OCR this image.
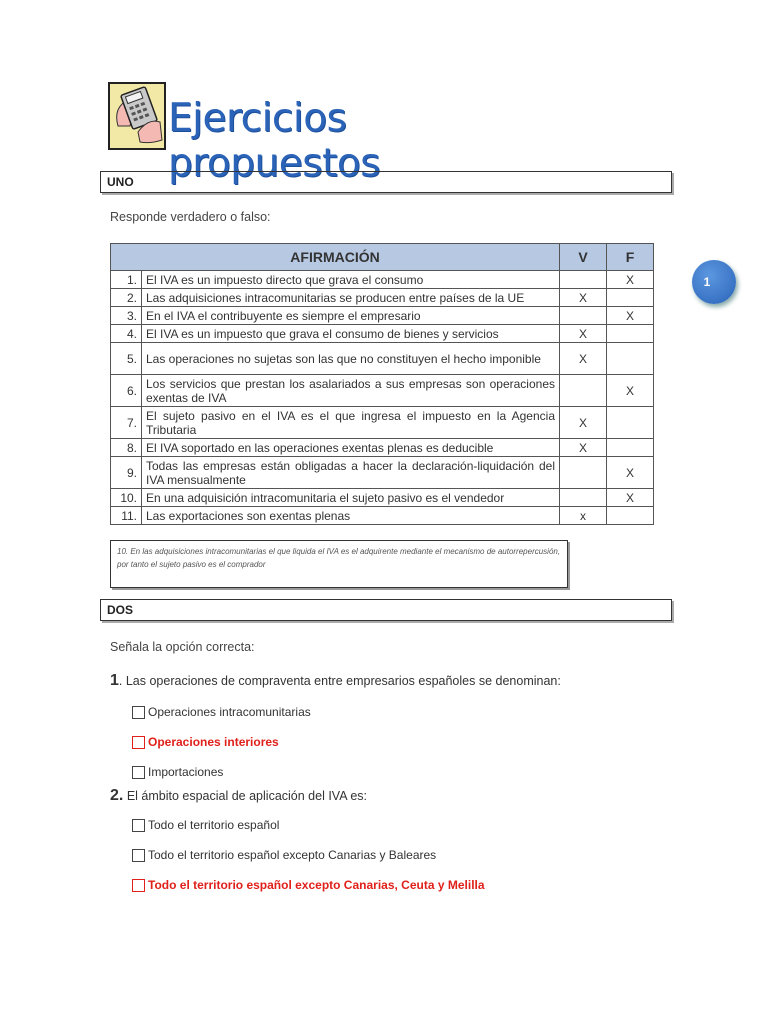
Ejercicios propuestos
1
UNO
Responde verdadero o falso:
AFIRMACIÓN		V	F
1.	El IVA es un impuesto directo que grava el consumo		X
2.	Las adquisiciones intracomunitarias se producen entre países de la UE	X	
3.	En el IVA el contribuyente es siempre el empresario		X
4.	El IVA es un impuesto que grava el consumo de bienes y servicios	X	
5.	Las operaciones no sujetas son las que no constituyen el hecho imponible	X	
6.	Los servicios que prestan los asalariados a sus empresas son operaciones exentas de IVA		X
7.	El sujeto pasivo en el IVA es el que ingresa el impuesto en la Agencia Tributaria	X	
8.	El IVA soportado en las operaciones exentas plenas es deducible	X	
9.	Todas las empresas están obligadas a hacer la declaración-liquidación del IVA mensualmente		X
10.	En una adquisición intracomunitaria el sujeto pasivo es el vendedor		X
11.	Las exportaciones son exentas plenas	x	
10. En las adquisiciones intracomunitarias el que liquida el IVA es el adquirente mediante el mecanismo de autorrepercusión, por tanto el sujeto pasivo es el comprador
DOS
Señala la opción correcta:
1. Las operaciones de compraventa entre empresarios españoles se denominan:
Operaciones intracomunitarias
Operaciones interiores
Importaciones
2. El ámbito espacial de aplicación del IVA es:
Todo el territorio español
Todo el territorio español excepto Canarias y Baleares
Todo el territorio español excepto Canarias, Ceuta y Melilla
